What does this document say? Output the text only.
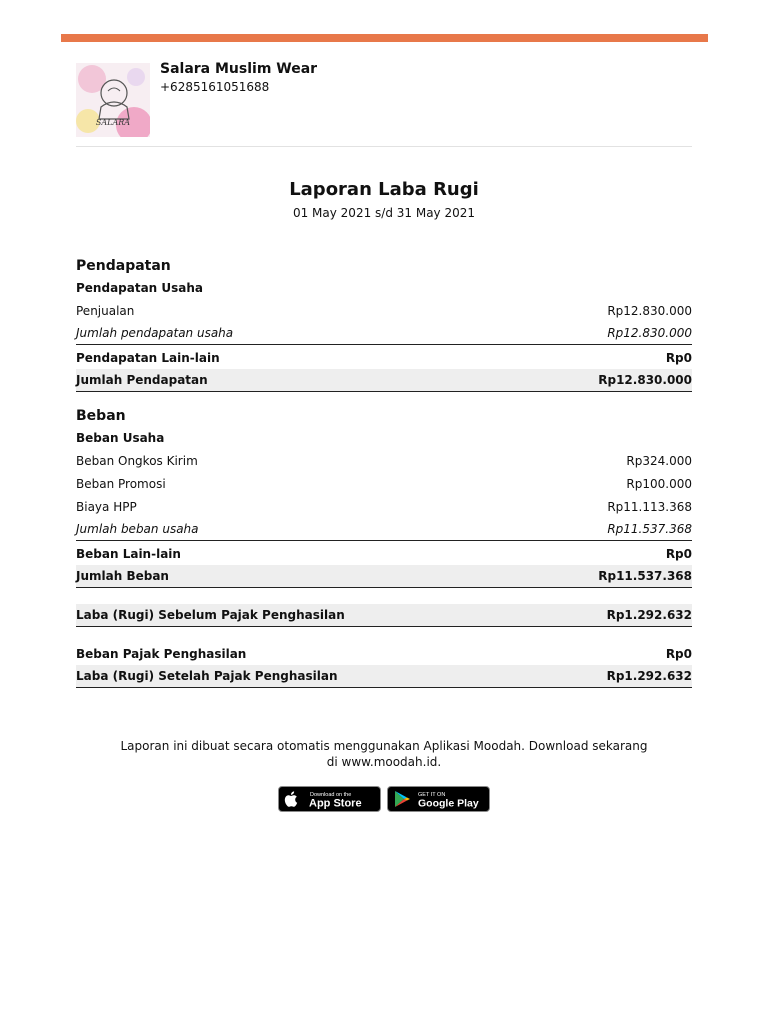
SALARA
Salara Muslim Wear
+6285161051688
Laporan Laba Rugi
01 May 2021 s/d 31 May 2021
Pendapatan
Pendapatan Usaha
Penjualan	Rp12.830.000
Jumlah pendapatan usaha	Rp12.830.000
Pendapatan Lain-lain	Rp0
Jumlah Pendapatan	Rp12.830.000
Beban
Beban Usaha
Beban Ongkos Kirim	Rp324.000
Beban Promosi	Rp100.000
Biaya HPP	Rp11.113.368
Jumlah beban usaha	Rp11.537.368
Beban Lain-lain	Rp0
Jumlah Beban	Rp11.537.368
Laba (Rugi) Sebelum Pajak Penghasilan	Rp1.292.632
Beban Pajak Penghasilan	Rp0
Laba (Rugi) Setelah Pajak Penghasilan	Rp1.292.632
Laporan ini dibuat secara otomatis menggunakan Aplikasi Moodah. Download sekarang di www.moodah.id.
Download on the
App Store
GET IT ON
Google Play
